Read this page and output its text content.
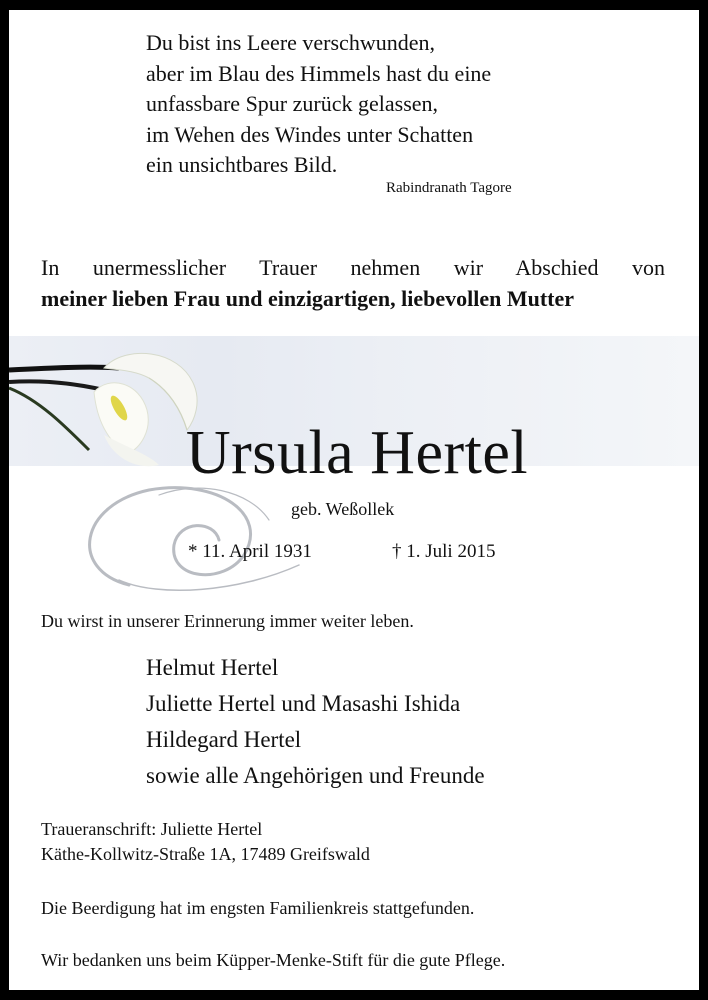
Du bist ins Leere verschwunden,
aber im Blau des Himmels hast du eine
unfassbare Spur zurück gelassen,
im Wehen des Windes unter Schatten
ein unsichtbares Bild.
Rabindranath Tagore
In unermesslicher Trauer nehmen wir Abschied von
meiner lieben Frau und einzigartigen, liebevollen Mutter
Ursula Hertel
geb. Weßollek
* 11. April 1931	† 1. Juli 2015
Du wirst in unserer Erinnerung immer weiter leben.
Helmut Hertel
Juliette Hertel und Masashi Ishida
Hildegard Hertel
sowie alle Angehörigen und Freunde
Traueranschrift: Juliette Hertel
Käthe-Kollwitz-Straße 1A, 17489 Greifswald
Die Beerdigung hat im engsten Familienkreis stattgefunden.
Wir bedanken uns beim Küpper-Menke-Stift für die gute Pflege.
